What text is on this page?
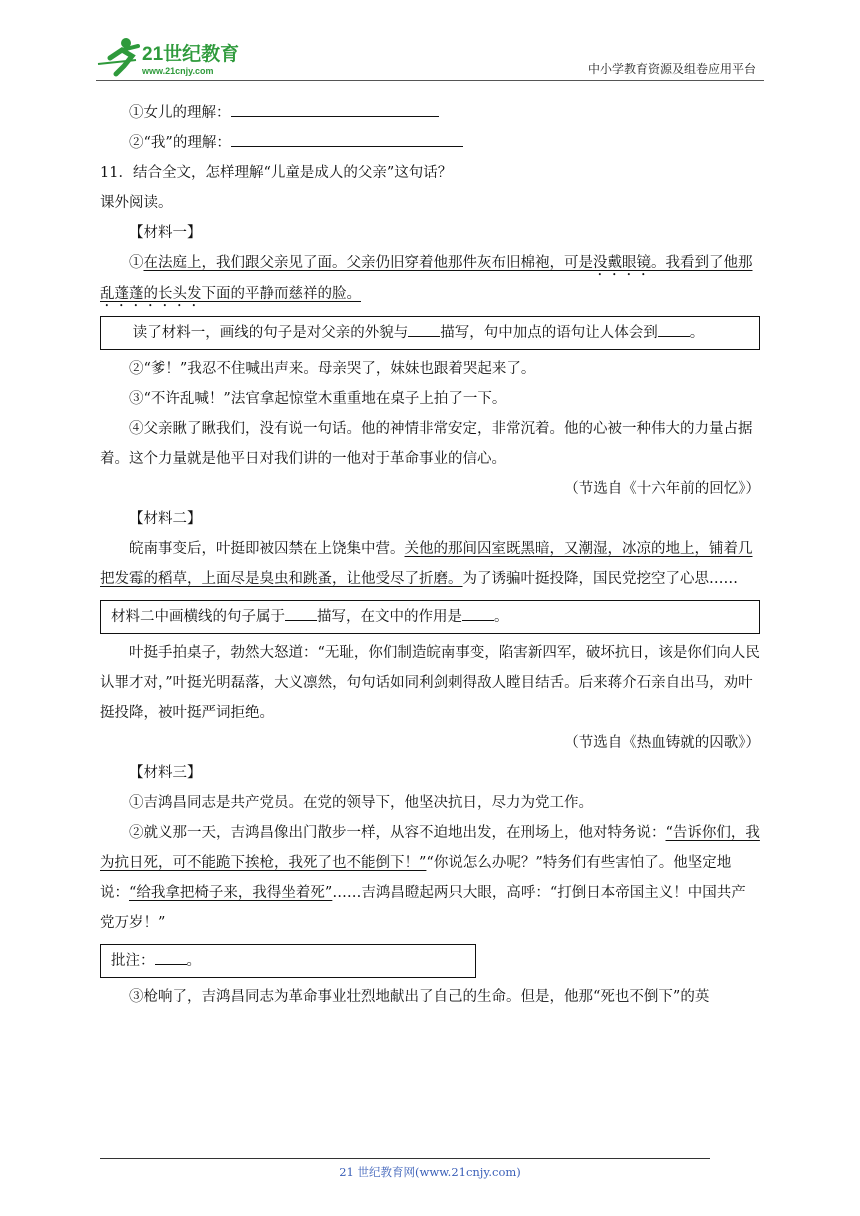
21世纪教育
www.21cnjy.com	中小学教育资源及组卷应用平台

①女儿的理解：

②“我”的理解：

11．结合全文，怎样理解“儿童是成人的父亲”这句话？

课外阅读。

【材料一】

①在法庭上，我们跟父亲见了面。父亲仍旧穿着他那件灰布旧棉袍，可是没戴眼镜。我看到了他那乱蓬蓬的长头发下面的平静而慈祥的脸。

读了材料一，画线的句子是对父亲的外貌与 描写，句中加点的语句让人体会到 。

②“爹！”我忍不住喊出声来。母亲哭了，妹妹也跟着哭起来了。

③“不许乱喊！”法官拿起惊堂木重重地在桌子上拍了一下。

④父亲瞅了瞅我们，没有说一句话。他的神情非常安定，非常沉着。他的心被一种伟大的力量占据着。这个力量就是他平日对我们讲的一他对于革命事业的信心。

（节选自《十六年前的回忆》）

【材料二】

皖南事变后，叶挺即被囚禁在上饶集中营。关他的那间囚室既黑暗，又潮湿，冰凉的地上，铺着几把发霉的稻草，上面尽是臭虫和跳蚤，让他受尽了折磨。为了诱骗叶挺投降，国民党挖空了心思……

材料二中画横线的句子属于 描写，在文中的作用是 。

叶挺手拍桌子，勃然大怒道：“无耻，你们制造皖南事变，陷害新四军，破坏抗日，该是你们向人民认罪才对，”叶挺光明磊落，大义凛然，句句话如同利剑刺得敌人瞠目结舌。后来蒋介石亲自出马，劝叶挺投降，被叶挺严词拒绝。

（节选自《热血铸就的囚歌》）

【材料三】

①吉鸿昌同志是共产党员。在党的领导下，他坚决抗日，尽力为党工作。

②就义那一天，吉鸿昌像出门散步一样，从容不迫地出发，在刑场上，他对特务说：“告诉你们，我为抗日死，可不能跪下挨枪，我死了也不能倒下！”“你说怎么办呢？”特务们有些害怕了。他坚定地说：“给我拿把椅子来，我得坐着死”……吉鸿昌瞪起两只大眼，高呼：“打倒日本帝国主义！中国共产党万岁！”

批注： 。

③枪响了，吉鸿昌同志为革命事业壮烈地献出了自己的生命。但是，他那“死也不倒下”的英

21 世纪教育网(www.21cnjy.com)
